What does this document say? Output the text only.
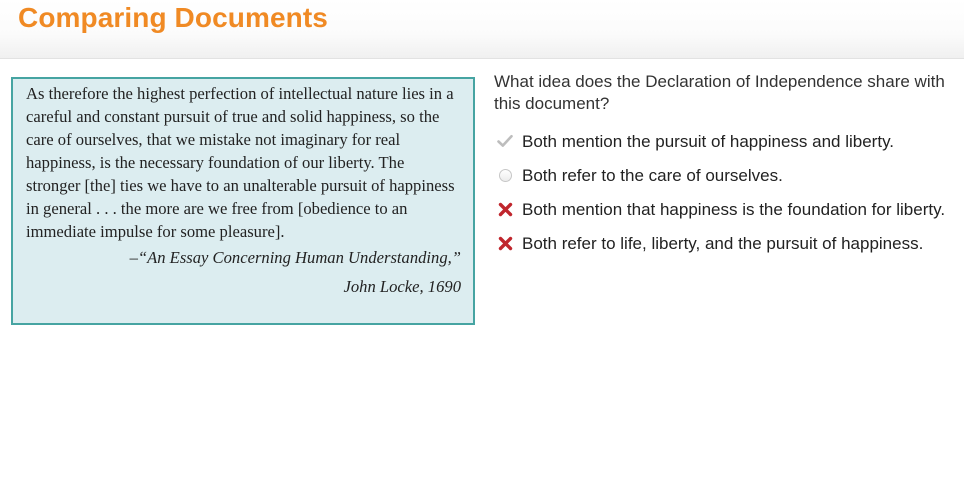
Comparing Documents

As therefore the highest perfection of intellectual nature lies in a careful and constant pursuit of true and solid happiness, so the care of ourselves, that we mistake not imaginary for real happiness, is the necessary foundation of our liberty. The stronger [the] ties we have to an unalterable pursuit of happiness in general . . . the more are we free from [obedience to an immediate impulse for some pleasure].

–“An Essay Concerning Human Understanding,”
John Locke, 1690
What idea does the Declaration of Independence share with this document?
Both mention the pursuit of happiness and liberty.
Both refer to the care of ourselves.
Both mention that happiness is the foundation for liberty.
Both refer to life, liberty, and the pursuit of happiness.
